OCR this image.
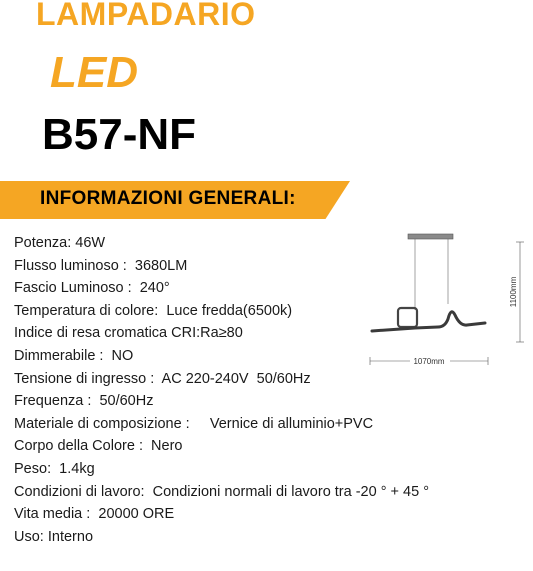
LAMPADARIO
LED
B57-NF
INFORMAZIONI GENERALI:
Potenza: 46W
Flusso luminoso : 3680LM
Fascio Luminoso : 240°
Temperatura di colore: Luce fredda(6500k)
Indice di resa cromatica CRI:Ra≥80
Dimmerabile : NO
Tensione di ingresso : AC 220-240V  50/60Hz
Frequenza : 50/60Hz
Materiale di composizione : Vernice di alluminio+PVC
Corpo della Colore : Nero
Peso: 1.4kg
Condizioni di lavoro: Condizioni normali di lavoro tra -20 ° + 45 °
Vita media : 20000 ORE
Uso: Interno
1100mm
1070mm
